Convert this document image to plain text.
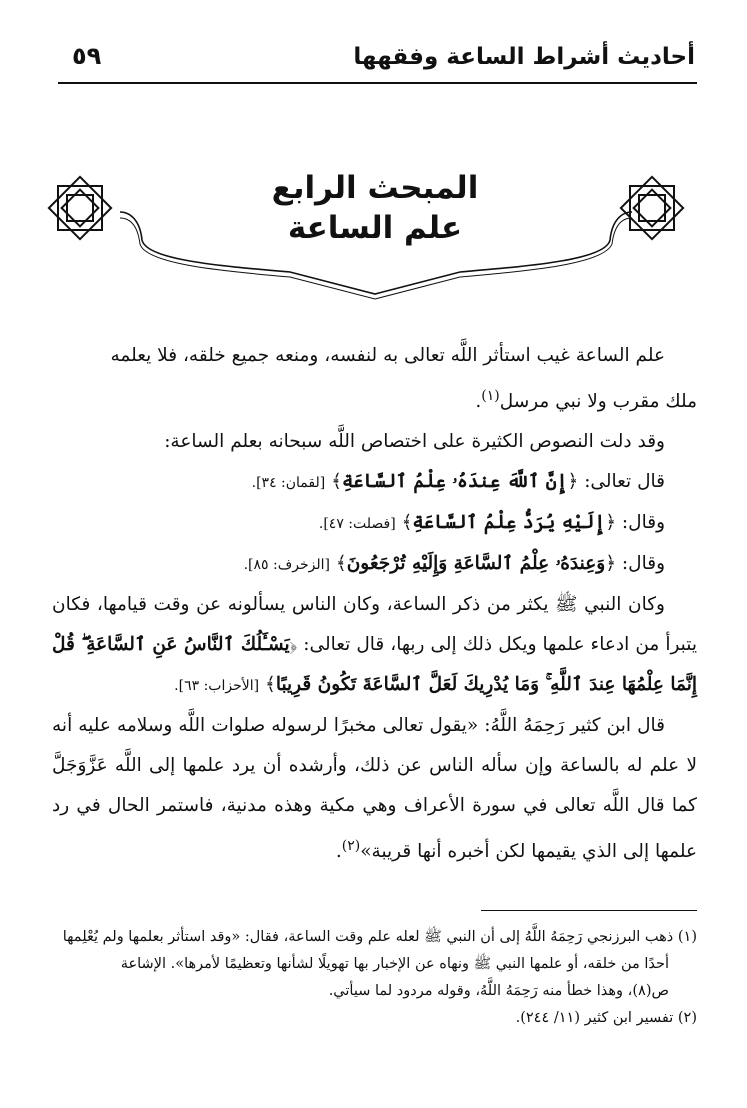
أحاديث أشراط الساعة وفقهها
٥٩
المبحث الرابع
علم الساعة

علم الساعة غيب استأثر اللَّه تعالى به لنفسه، ومنعه جميع خلقه، فلا يعلمه
ملك مقرب ولا نبي مرسل$^{(١)}$.

وقد دلت النصوص الكثيرة على اختصاص اللَّه سبحانه بعلم الساعة:

قال تعالى: ﴿إِنَّ ٱللَّهَ عِندَهُۥ عِلْمُ ٱلسَّاعَةِ﴾ [لقمان: ٣٤].

وقال: ﴿إِلَيْهِ يُرَدُّ عِلْمُ ٱلسَّاعَةِ﴾ [فصلت: ٤٧].

وقال: ﴿وَعِندَهُۥ عِلْمُ ٱلسَّاعَةِ وَإِلَيْهِ تُرْجَعُونَ﴾ [الزخرف: ٨٥].

وكان النبي ﷺ يكثر من ذكر الساعة، وكان الناس يسألونه عن وقت قيامها، فكان يتبرأ من ادعاء علمها ويكل ذلك إلى ربها، قال تعالى: ﴿يَسْـَٔلُكَ ٱلنَّاسُ عَنِ ٱلسَّاعَةِ ۖ قُلْ إِنَّمَا عِلْمُهَا عِندَ ٱللَّهِ ۚ وَمَا يُدْرِيكَ لَعَلَّ ٱلسَّاعَةَ تَكُونُ قَرِيبًا﴾ [الأحزاب: ٦٣].

قال ابن كثير رَحِمَهُ اللَّهُ: «يقول تعالى مخبرًا لرسوله صلوات اللَّه وسلامه عليه أنه لا علم له بالساعة وإن سأله الناس عن ذلك، وأرشده أن يرد علمها إلى اللَّه عَزَّوَجَلَّ كما قال اللَّه تعالى في سورة الأعراف وهي مكية وهذه مدنية، فاستمر الحال في رد علمها إلى الذي يقيمها لكن أخبره أنها قريبة»$^{(٢)}$.

(١) ذهب البرزنجي رَحِمَهُ اللَّهُ إلى أن النبي ﷺ لعله علم وقت الساعة، فقال: «وقد استأثر بعلمها ولم يُعْلِمها

أحدًا من خلقه، أو علمها النبي ﷺ ونهاه عن الإخبار بها تهويلًا لشأنها وتعظيمًا لأمرها». الإشاعة

ص(٨)، وهذا خطأ منه رَحِمَهُ اللَّهُ، وقوله مردود لما سيأتي.

(٢) تفسير ابن كثير (١١/ ٢٤٤).
